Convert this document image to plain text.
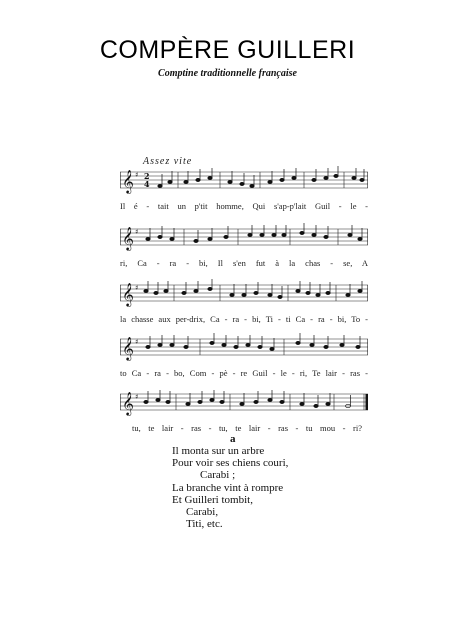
COMPÈRE GUILLERI
Comptine traditionnelle française
Assez vite
𝄞 ♯ 2
4
Il é - tait un p'tit homme, Qui s'ap-p'lait Guil - le -
𝄞 ♯
ri, Ca - ra - bi, Il s'en fut à la chas - se, A
𝄞 ♯
la chasse aux per-drix, Ca - ra - bi, Ti - ti Ca - ra - bi, To -
𝄞 ♯
to Ca - ra - bo, Com - pè - re Guil - le - ri, Te lair - ras -
𝄞 ♯
tu, te lair - ras - tu, te lair - ras - tu mou - ri?
a
Il monta sur un arbre
Pour voir ses chiens couri,
Carabi ;
La branche vint à rompre
Et Guilleri tombit,
Carabi,
Titi, etc.
